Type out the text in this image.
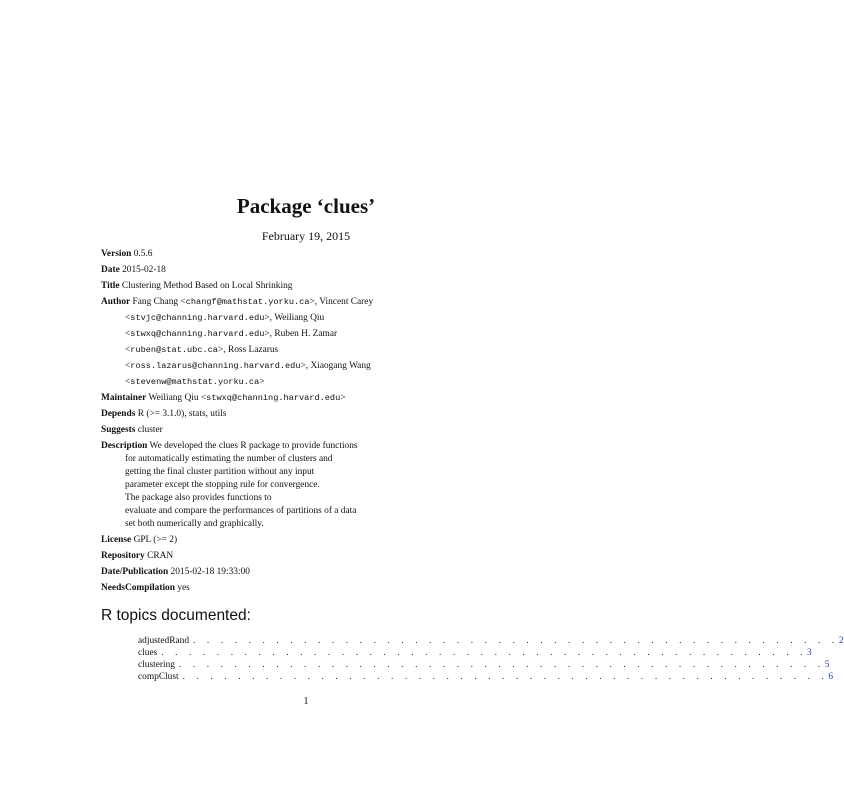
Package ‘clues’
February 19, 2015
Version 0.5.6
Date 2015-02-18
Title Clustering Method Based on Local Shrinking
Author Fang Chang <changf@mathstat.yorku.ca>, Vincent Carey
<stvjc@channing.harvard.edu>, Weiliang Qiu
<stwxq@channing.harvard.edu>, Ruben H. Zamar
<ruben@stat.ubc.ca>, Ross Lazarus
<ross.lazarus@channing.harvard.edu>, Xiaogang Wang
<stevenw@mathstat.yorku.ca>
Maintainer Weiliang Qiu <stwxq@channing.harvard.edu>
Depends R (>= 3.1.0), stats, utils
Suggests cluster
Description We developed the clues R package to provide functions
for automatically estimating the number of clusters and
getting the final cluster partition without any input
parameter except the stopping rule for convergence.
The package also provides functions to
evaluate and compare the performances of partitions of a data
set both numerically and graphically.
License GPL (>= 2)
Repository CRAN
Date/Publication 2015-02-18 19:33:00
NeedsCompilation yes
R topics documented:
adjustedRand . . . . . . . . . . . . . . . . . . . . . . . . . . . . . . . . . . . . . . . . . . . . . . . 2
clues . . . . . . . . . . . . . . . . . . . . . . . . . . . . . . . . . . . . . . . . . . . . . . . 3
clustering . . . . . . . . . . . . . . . . . . . . . . . . . . . . . . . . . . . . . . . . . . . . . . . 5
compClust . . . . . . . . . . . . . . . . . . . . . . . . . . . . . . . . . . . . . . . . . . . . . . . 6
1
